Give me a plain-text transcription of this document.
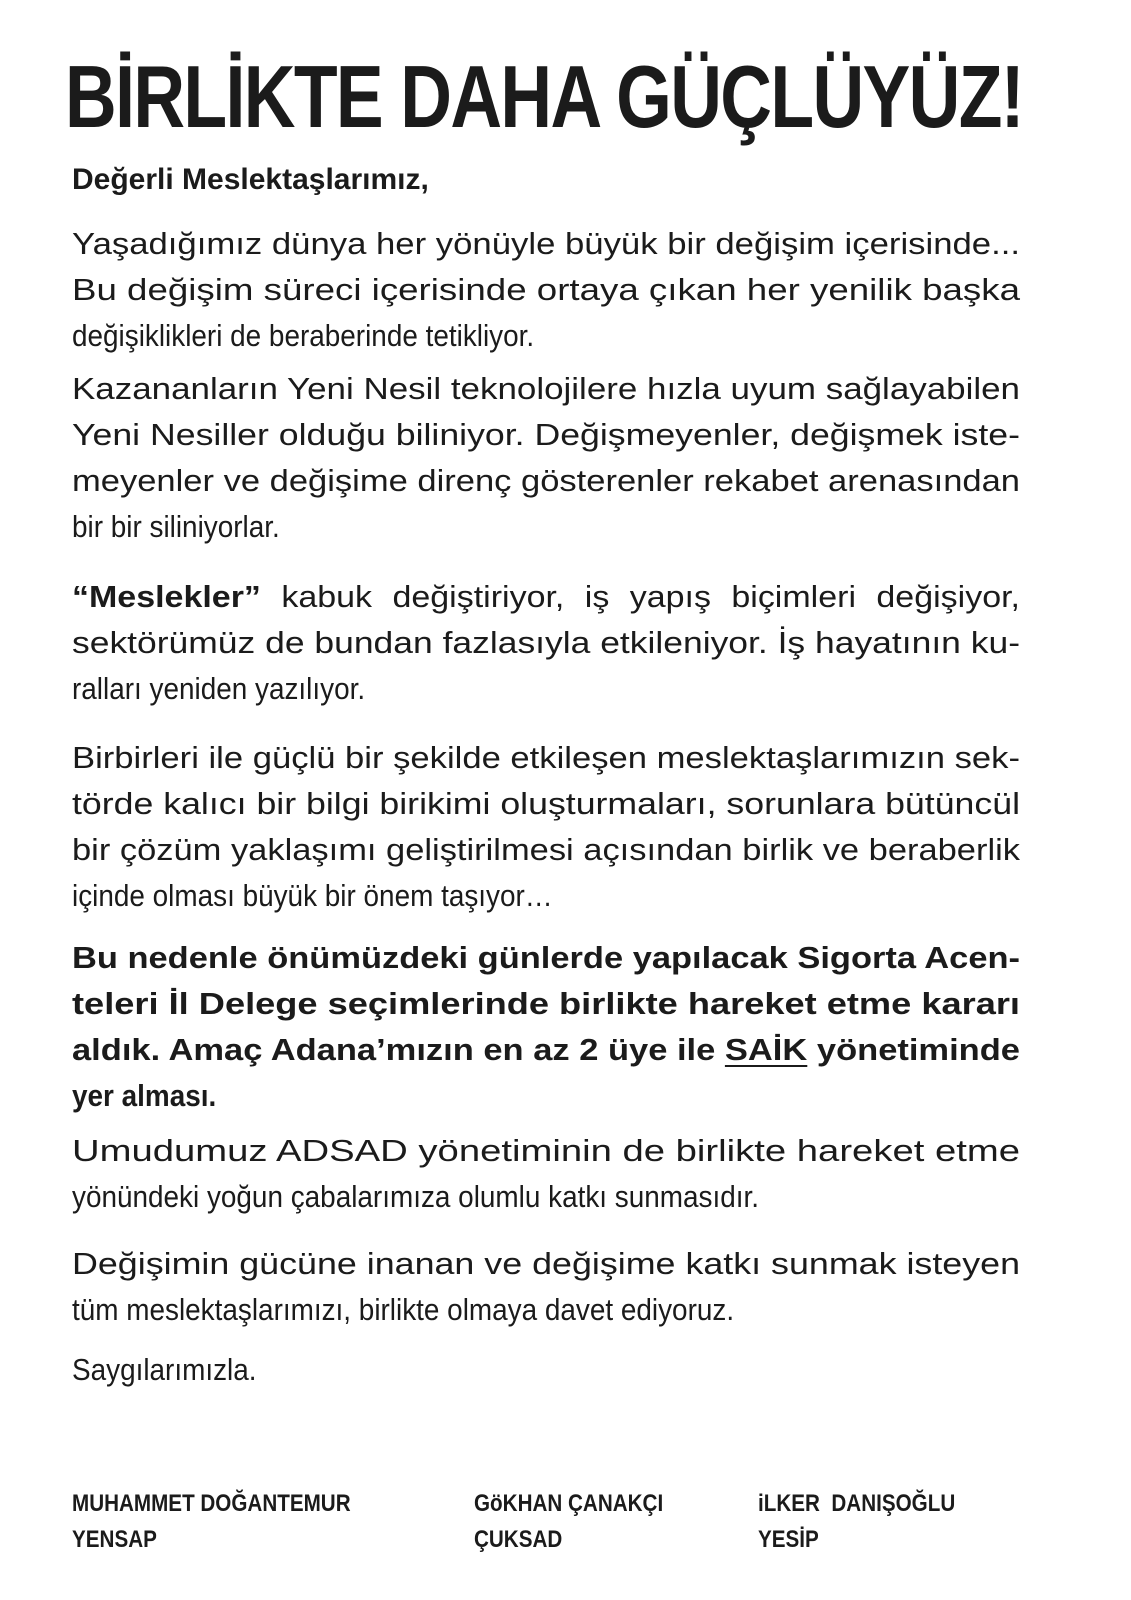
BİRLİKTE DAHA GÜÇLÜYÜZ!
Değerli Meslektaşlarımız,
Yaşadığımız dünya her yönüyle büyük bir değişim içerisinde...
Bu değişim süreci içerisinde ortaya çıkan her yenilik başka
değişiklikleri de beraberinde tetikliyor.
Kazananların Yeni Nesil teknolojilere hızla uyum sağlayabilen
Yeni Nesiller olduğu biliniyor. Değişmeyenler, değişmek iste-
meyenler ve değişime direnç gösterenler rekabet arenasından
bir bir siliniyorlar.
“Meslekler” kabuk değiştiriyor, iş yapış biçimleri değişiyor,
sektörümüz de bundan fazlasıyla etkileniyor. İş hayatının ku-
ralları yeniden yazılıyor.
Birbirleri ile güçlü bir şekilde etkileşen meslektaşlarımızın sek-
törde kalıcı bir bilgi birikimi oluşturmaları, sorunlara bütüncül
bir çözüm yaklaşımı geliştirilmesi açısından birlik ve beraberlik
içinde olması büyük bir önem taşıyor…
Bu nedenle önümüzdeki günlerde yapılacak Sigorta Acen-
teleri İl Delege seçimlerinde birlikte hareket etme kararı
aldık. Amaç Adana’mızın en az 2 üye ile SAİK yönetiminde
yer alması.
Umudumuz ADSAD yönetiminin de birlikte hareket etme
yönündeki yoğun çabalarımıza olumlu katkı sunmasıdır.
Değişimin gücüne inanan ve değişime katkı sunmak isteyen
tüm meslektaşlarımızı, birlikte olmaya davet ediyoruz.
Saygılarımızla.
MUHAMMET DOĞANTEMUR
YENSAP
GöKHAN ÇANAKÇI
ÇUKSAD
iLKER  DANIŞOĞLU
YESİP
